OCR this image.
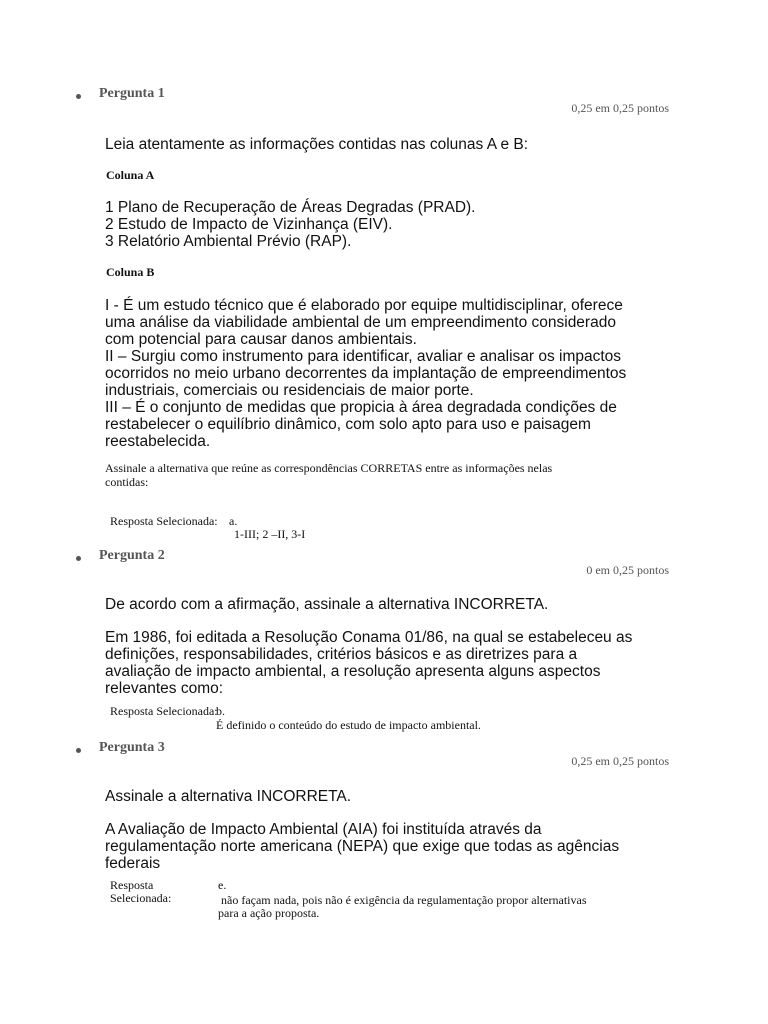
Pergunta 1
0,25 em 0,25 pontos
Leia atentamente as informações contidas nas colunas A e B:
Coluna A
1 Plano de Recuperação de Áreas Degradas (PRAD).
2 Estudo de Impacto de Vizinhança (EIV).
3 Relatório Ambiental Prévio (RAP).
Coluna B
I - É um estudo técnico que é elaborado por equipe multidisciplinar, oferece
uma análise da viabilidade ambiental de um empreendimento considerado
com potencial para causar danos ambientais.
II – Surgiu como instrumento para identificar, avaliar e analisar os impactos
ocorridos no meio urbano decorrentes da implantação de empreendimentos
industriais, comerciais ou residenciais de maior porte.
III – É o conjunto de medidas que propicia à área degradada condições de
restabelecer o equilíbrio dinâmico, com solo apto para uso e paisagem
reestabelecida.
Assinale a alternativa que reúne as correspondências CORRETAS entre as informações nelas contidas:
Resposta Selecionada: a.
1-III; 2 –II, 3-I
Pergunta 2
0 em 0,25 pontos
De acordo com a afirmação, assinale a alternativa INCORRETA.
Em 1986, foi editada a Resolução Conama 01/86, na qual se estabeleceu as
definições, responsabilidades, critérios básicos e as diretrizes para a
avaliação de impacto ambiental, a resolução apresenta alguns aspectos
relevantes como:
Resposta Selecionada:
b.
É definido o conteúdo do estudo de impacto ambiental.
Pergunta 3
0,25 em 0,25 pontos
Assinale a alternativa INCORRETA.
A Avaliação de Impacto Ambiental (AIA) foi instituída através da
regulamentação norte americana (NEPA) que exige que todas as agências
federais
Resposta
Selecionada:
e.
não façam nada, pois não é exigência da regulamentação propor alternativas
para a ação proposta.
